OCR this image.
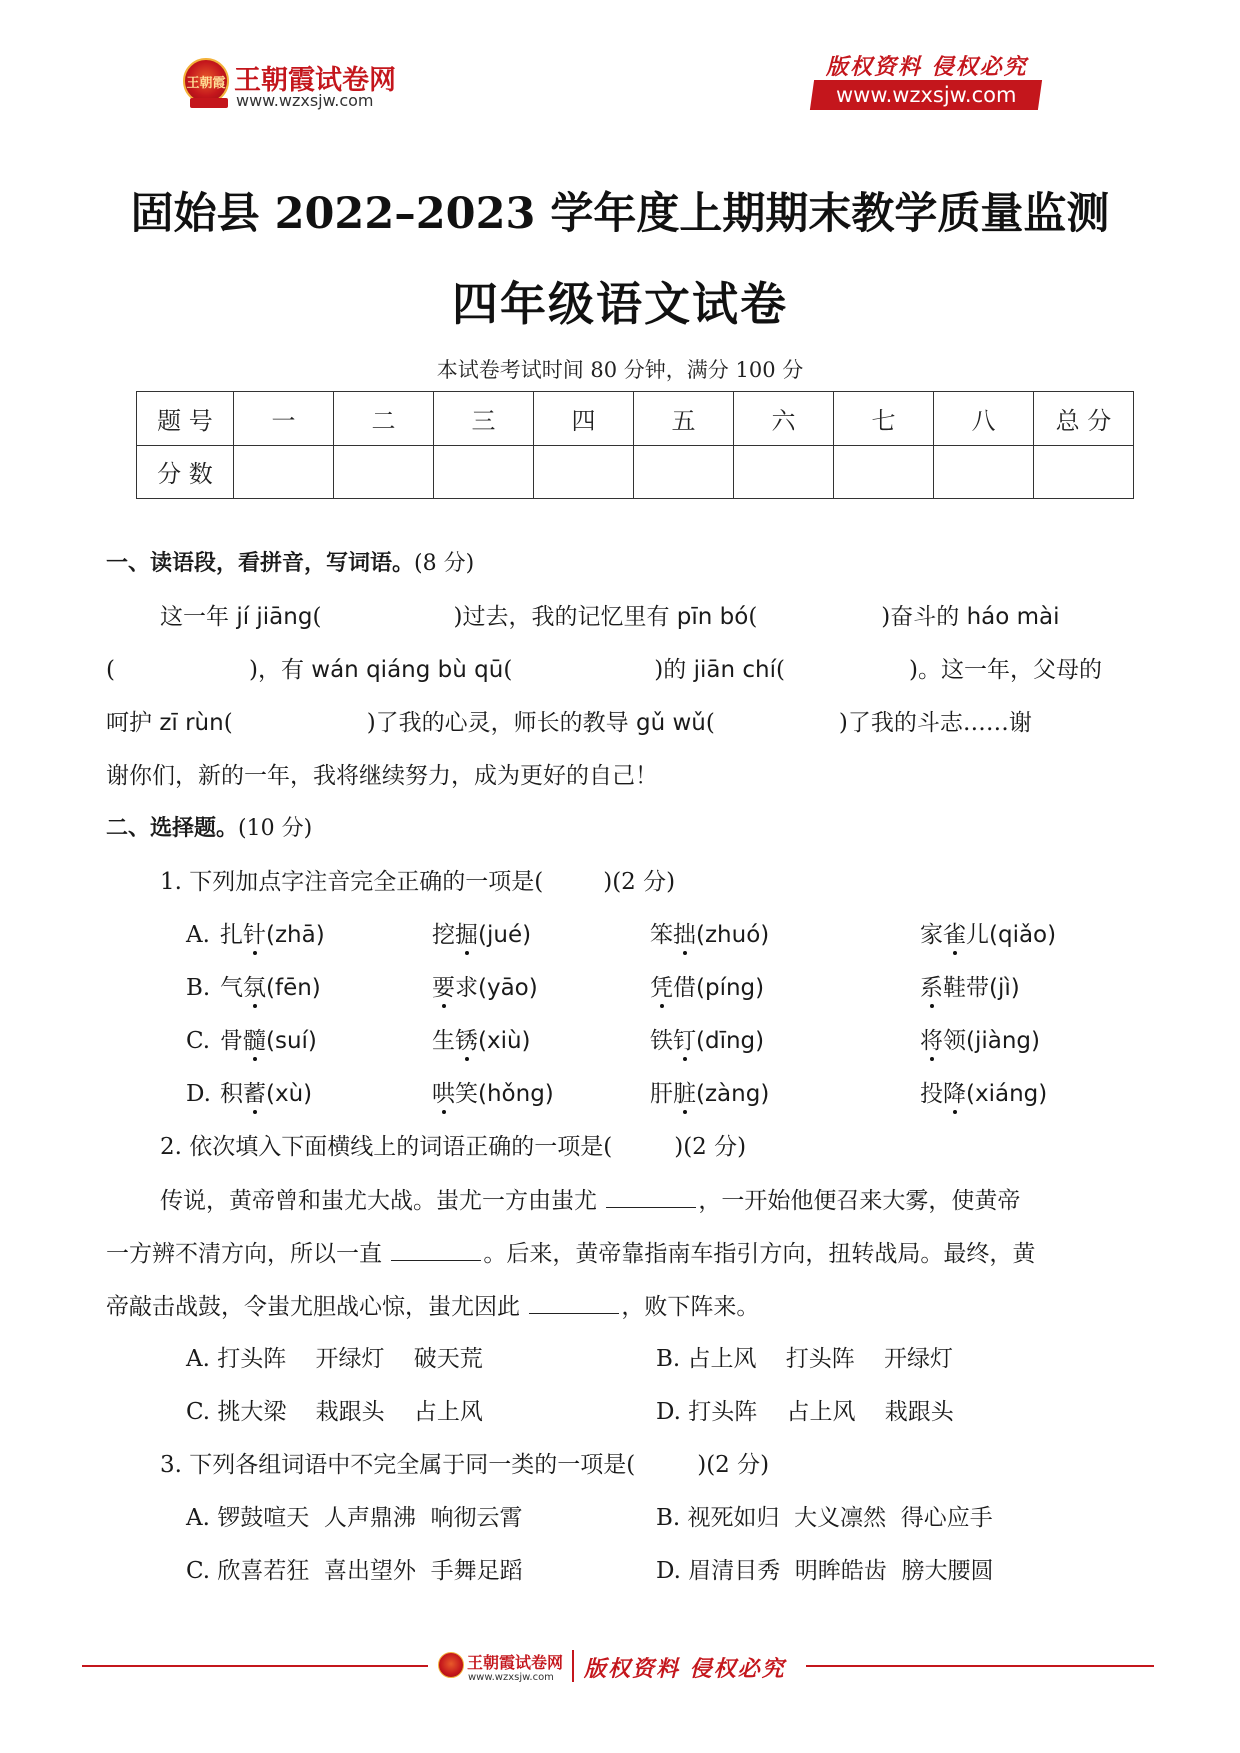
王朝霞 王朝霞试卷网
www.wzxsjw.com
版权资料 侵权必究
www.wzxsjw.com
固始县 2022–2023 学年度上期期末教学质量监测
四年级语文试卷
本试卷考试时间 80 分钟，满分 100 分
题 号	一	二	三	四	五	六	七	八	总 分
分 数									
一、读语段，看拼音，写词语。(8 分)
这一年 jí jiāng(	)过去，我的记忆里有 pīn bó(	)奋斗的 háo mài
(	)，有 wán qiáng bù qū(	)的 jiān chí(	)。这一年，父母的
呵护 zī rùn(	)了我的心灵，师长的教导 gǔ wǔ(	)了我的斗志……谢
谢你们，新的一年，我将继续努力，成为更好的自己！
二、选择题。(10 分)
1. 下列加点字注音完全正确的一项是(	)(2 分)
A. 扎针(zhā)	挖掘(jué)	笨拙(zhuó)	家雀儿(qiǎo)
B. 气氛(fēn)	要求(yāo)	凭借(píng)	系鞋带(jì)
C. 骨髓(suí)	生锈(xiù)	铁钉(dīng)	将领(jiàng)
D. 积蓄(xù)	哄笑(hǒng)	肝脏(zàng)	投降(xiáng)
2. 依次填入下面横线上的词语正确的一项是(	)(2 分)
传说，黄帝曾和蚩尤大战。蚩尤一方由蚩尤	，一开始他便召来大雾，使黄帝
一方辨不清方向，所以一直	。后来，黄帝靠指南车指引方向，扭转战局。最终，黄
帝敲击战鼓，令蚩尤胆战心惊，蚩尤因此	，败下阵来。
A. 打头阵    开绿灯    破天荒	B. 占上风    打头阵    开绿灯
C. 挑大梁    栽跟头    占上风	D. 打头阵    占上风    栽跟头
3. 下列各组词语中不完全属于同一类的一项是(	)(2 分)
A. 锣鼓喧天  人声鼎沸  响彻云霄	B. 视死如归  大义凛然  得心应手
C. 欣喜若狂  喜出望外  手舞足蹈	D. 眉清目秀  明眸皓齿  膀大腰圆
王朝霞试卷网
www.wzxsjw.com 版权资料 侵权必究
